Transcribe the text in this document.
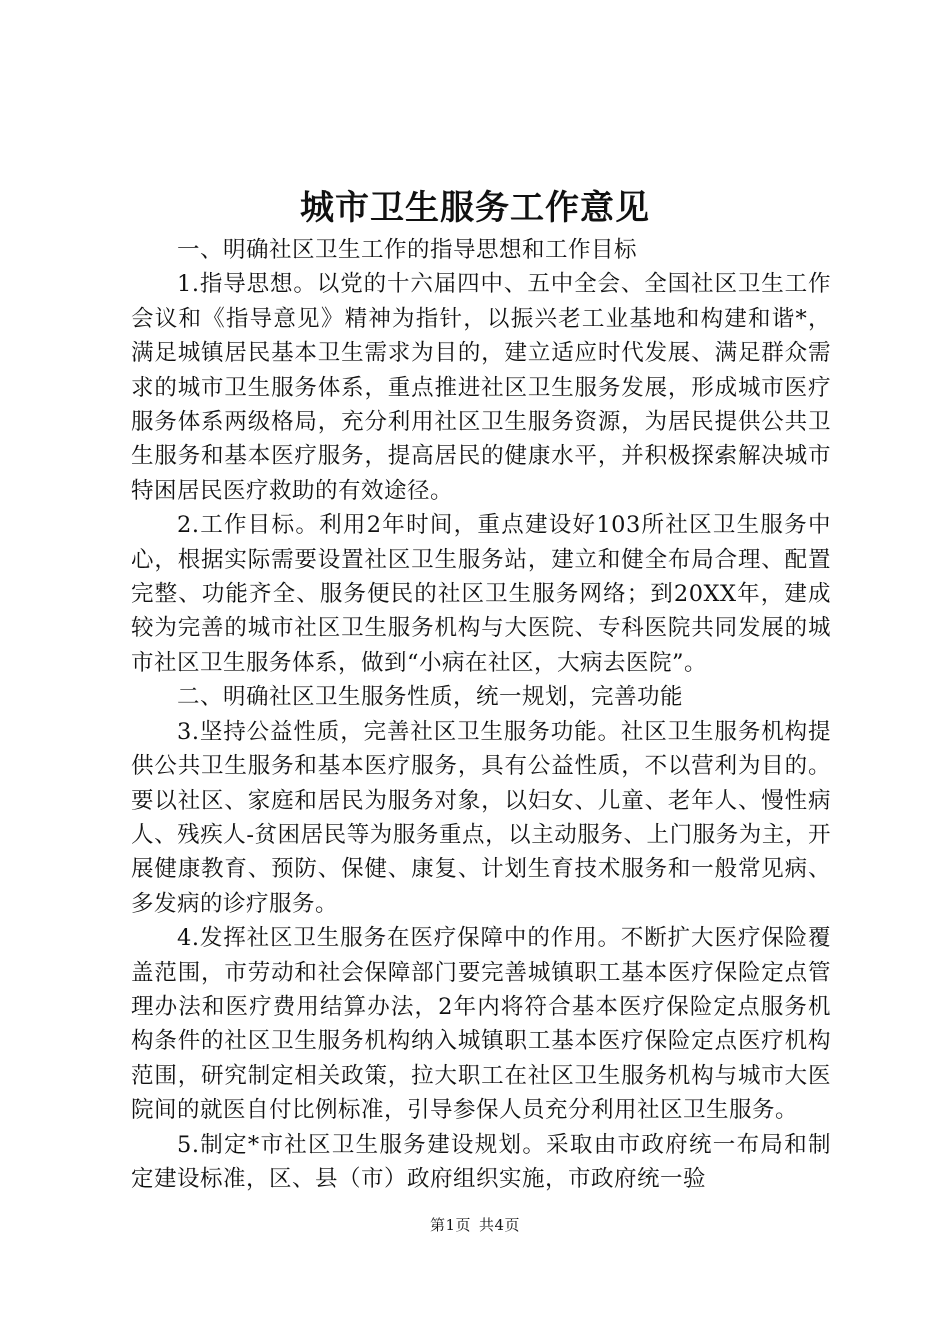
城市卫生服务工作意见

一、明确社区卫生工作的指导思想和工作目标

1.指导思想。以党的十六届四中、五中全会、全国社区卫生工作会议和《指导意见》精神为指针，以振兴老工业基地和构建和谐*，满足城镇居民基本卫生需求为目的，建立适应时代发展、满足群众需求的城市卫生服务体系，重点推进社区卫生服务发展，形成城市医疗服务体系两级格局，充分利用社区卫生服务资源，为居民提供公共卫生服务和基本医疗服务，提高居民的健康水平，并积极探索解决城市特困居民医疗救助的有效途径。

2.工作目标。利用2年时间，重点建设好103所社区卫生服务中心，根据实际需要设置社区卫生服务站，建立和健全布局合理、配置完整、功能齐全、服务便民的社区卫生服务网络；到20XX年，建成较为完善的城市社区卫生服务机构与大医院、专科医院共同发展的城市社区卫生服务体系，做到“小病在社区，大病去医院”。

二、明确社区卫生服务性质，统一规划，完善功能

3.坚持公益性质，完善社区卫生服务功能。社区卫生服务机构提供公共卫生服务和基本医疗服务，具有公益性质，不以营利为目的。要以社区、家庭和居民为服务对象，以妇女、儿童、老年人、慢性病人、残疾人-贫困居民等为服务重点，以主动服务、上门服务为主，开展健康教育、预防、保健、康复、计划生育技术服务和一般常见病、多发病的诊疗服务。

4.发挥社区卫生服务在医疗保障中的作用。不断扩大医疗保险覆盖范围，市劳动和社会保障部门要完善城镇职工基本医疗保险定点管理办法和医疗费用结算办法，2年内将符合基本医疗保险定点服务机构条件的社区卫生服务机构纳入城镇职工基本医疗保险定点医疗机构范围，研究制定相关政策，拉大职工在社区卫生服务机构与城市大医院间的就医自付比例标准，引导参保人员充分利用社区卫生服务。

5.制定*市社区卫生服务建设规划。采取由市政府统一布局和制定建设标准，区、县（市）政府组织实施，市政府统一验

第1页 共4页
